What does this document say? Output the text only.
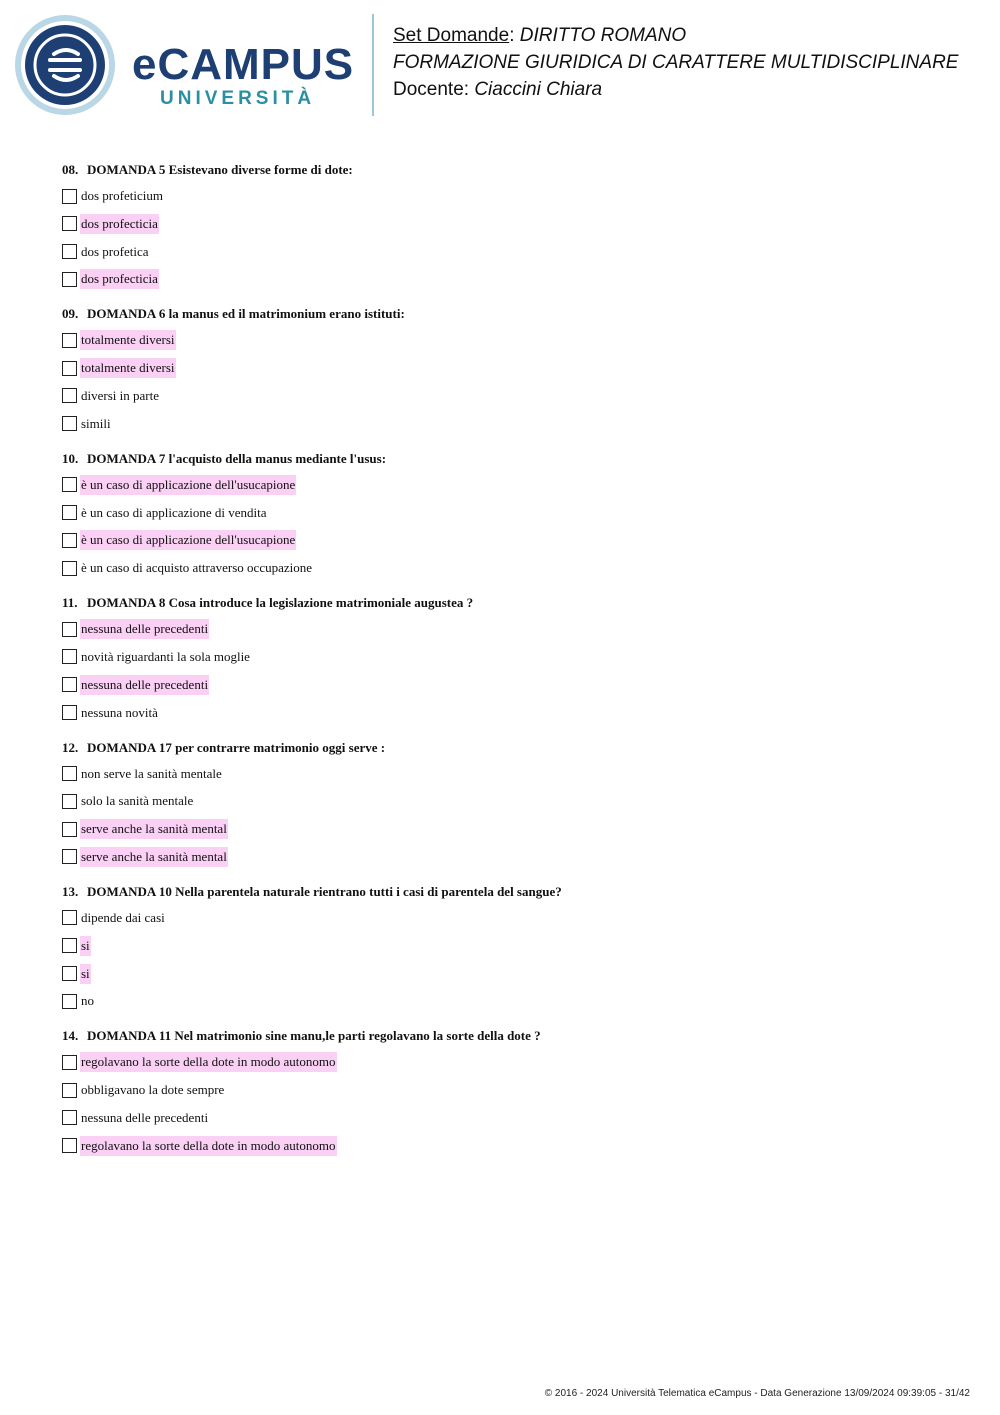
eCAMPUS
UNIVERSITÀ
Set Domande: DIRITTO ROMANO
FORMAZIONE GIURIDICA DI CARATTERE MULTIDISCIPLINARE
Docente: Ciaccini Chiara
08. DOMANDA 5 Esistevano diverse forme di dote:
dos profeticium
dos profecticia
dos profetica
dos profecticia
09. DOMANDA 6 la manus ed il matrimonium erano istituti:
totalmente diversi
totalmente diversi
diversi in parte
simili
10. DOMANDA 7 l'acquisto della manus mediante l'usus:
è un caso di applicazione dell'usucapione
è un caso di applicazione di vendita
è un caso di applicazione dell'usucapione
è un caso di acquisto attraverso occupazione
11. DOMANDA 8 Cosa introduce la legislazione matrimoniale augustea ?
nessuna delle precedenti
novità riguardanti la sola moglie
nessuna delle precedenti
nessuna novità
12. DOMANDA 17 per contrarre matrimonio oggi serve :
non serve la sanità mentale
solo la sanità mentale
serve anche la sanità mental
serve anche la sanità mental
13. DOMANDA 10 Nella parentela naturale rientrano tutti i casi di parentela del sangue?
dipende dai casi
si
si
no
14. DOMANDA 11 Nel matrimonio sine manu,le parti regolavano la sorte della dote ?
regolavano la sorte della dote in modo autonomo
obbligavano la dote sempre
nessuna delle precedenti
regolavano la sorte della dote in modo autonomo
© 2016 - 2024 Università Telematica eCampus - Data Generazione 13/09/2024 09:39:05 - 31/42
